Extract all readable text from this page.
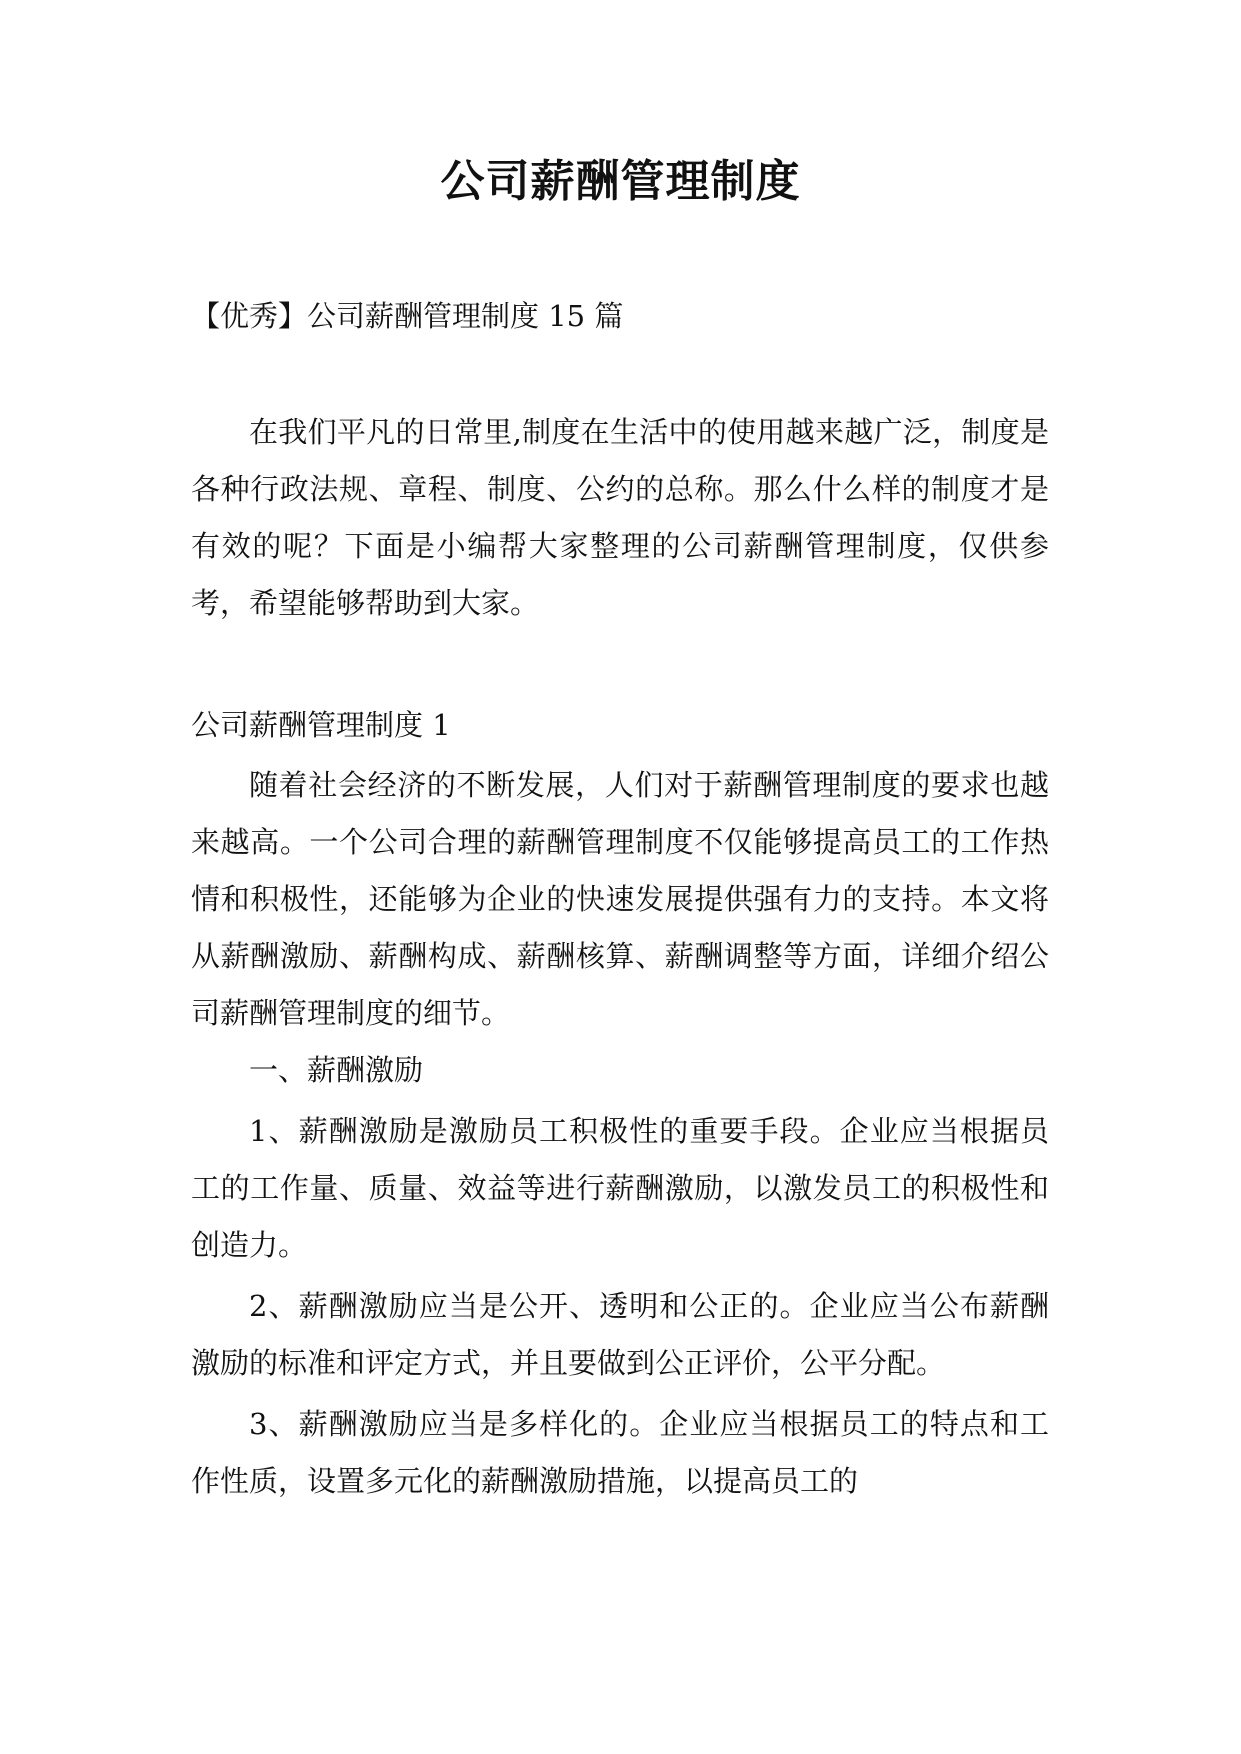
公司薪酬管理制度

【优秀】公司薪酬管理制度 15 篇

在我们平凡的日常里,制度在生活中的使用越来越广泛，制度是各种行政法规、章程、制度、公约的总称。那么什么样的制度才是有效的呢？下面是小编帮大家整理的公司薪酬管理制度，仅供参考，希望能够帮助到大家。

公司薪酬管理制度 1

随着社会经济的不断发展，人们对于薪酬管理制度的要求也越来越高。一个公司合理的薪酬管理制度不仅能够提高员工的工作热情和积极性，还能够为企业的快速发展提供强有力的支持。本文将从薪酬激励、薪酬构成、薪酬核算、薪酬调整等方面，详细介绍公司薪酬管理制度的细节。

一、薪酬激励

1、薪酬激励是激励员工积极性的重要手段。企业应当根据员工的工作量、质量、效益等进行薪酬激励，以激发员工的积极性和创造力。

2、薪酬激励应当是公开、透明和公正的。企业应当公布薪酬激励的标准和评定方式，并且要做到公正评价，公平分配。

3、薪酬激励应当是多样化的。企业应当根据员工的特点和工作性质，设置多元化的薪酬激励措施，以提高员工的
